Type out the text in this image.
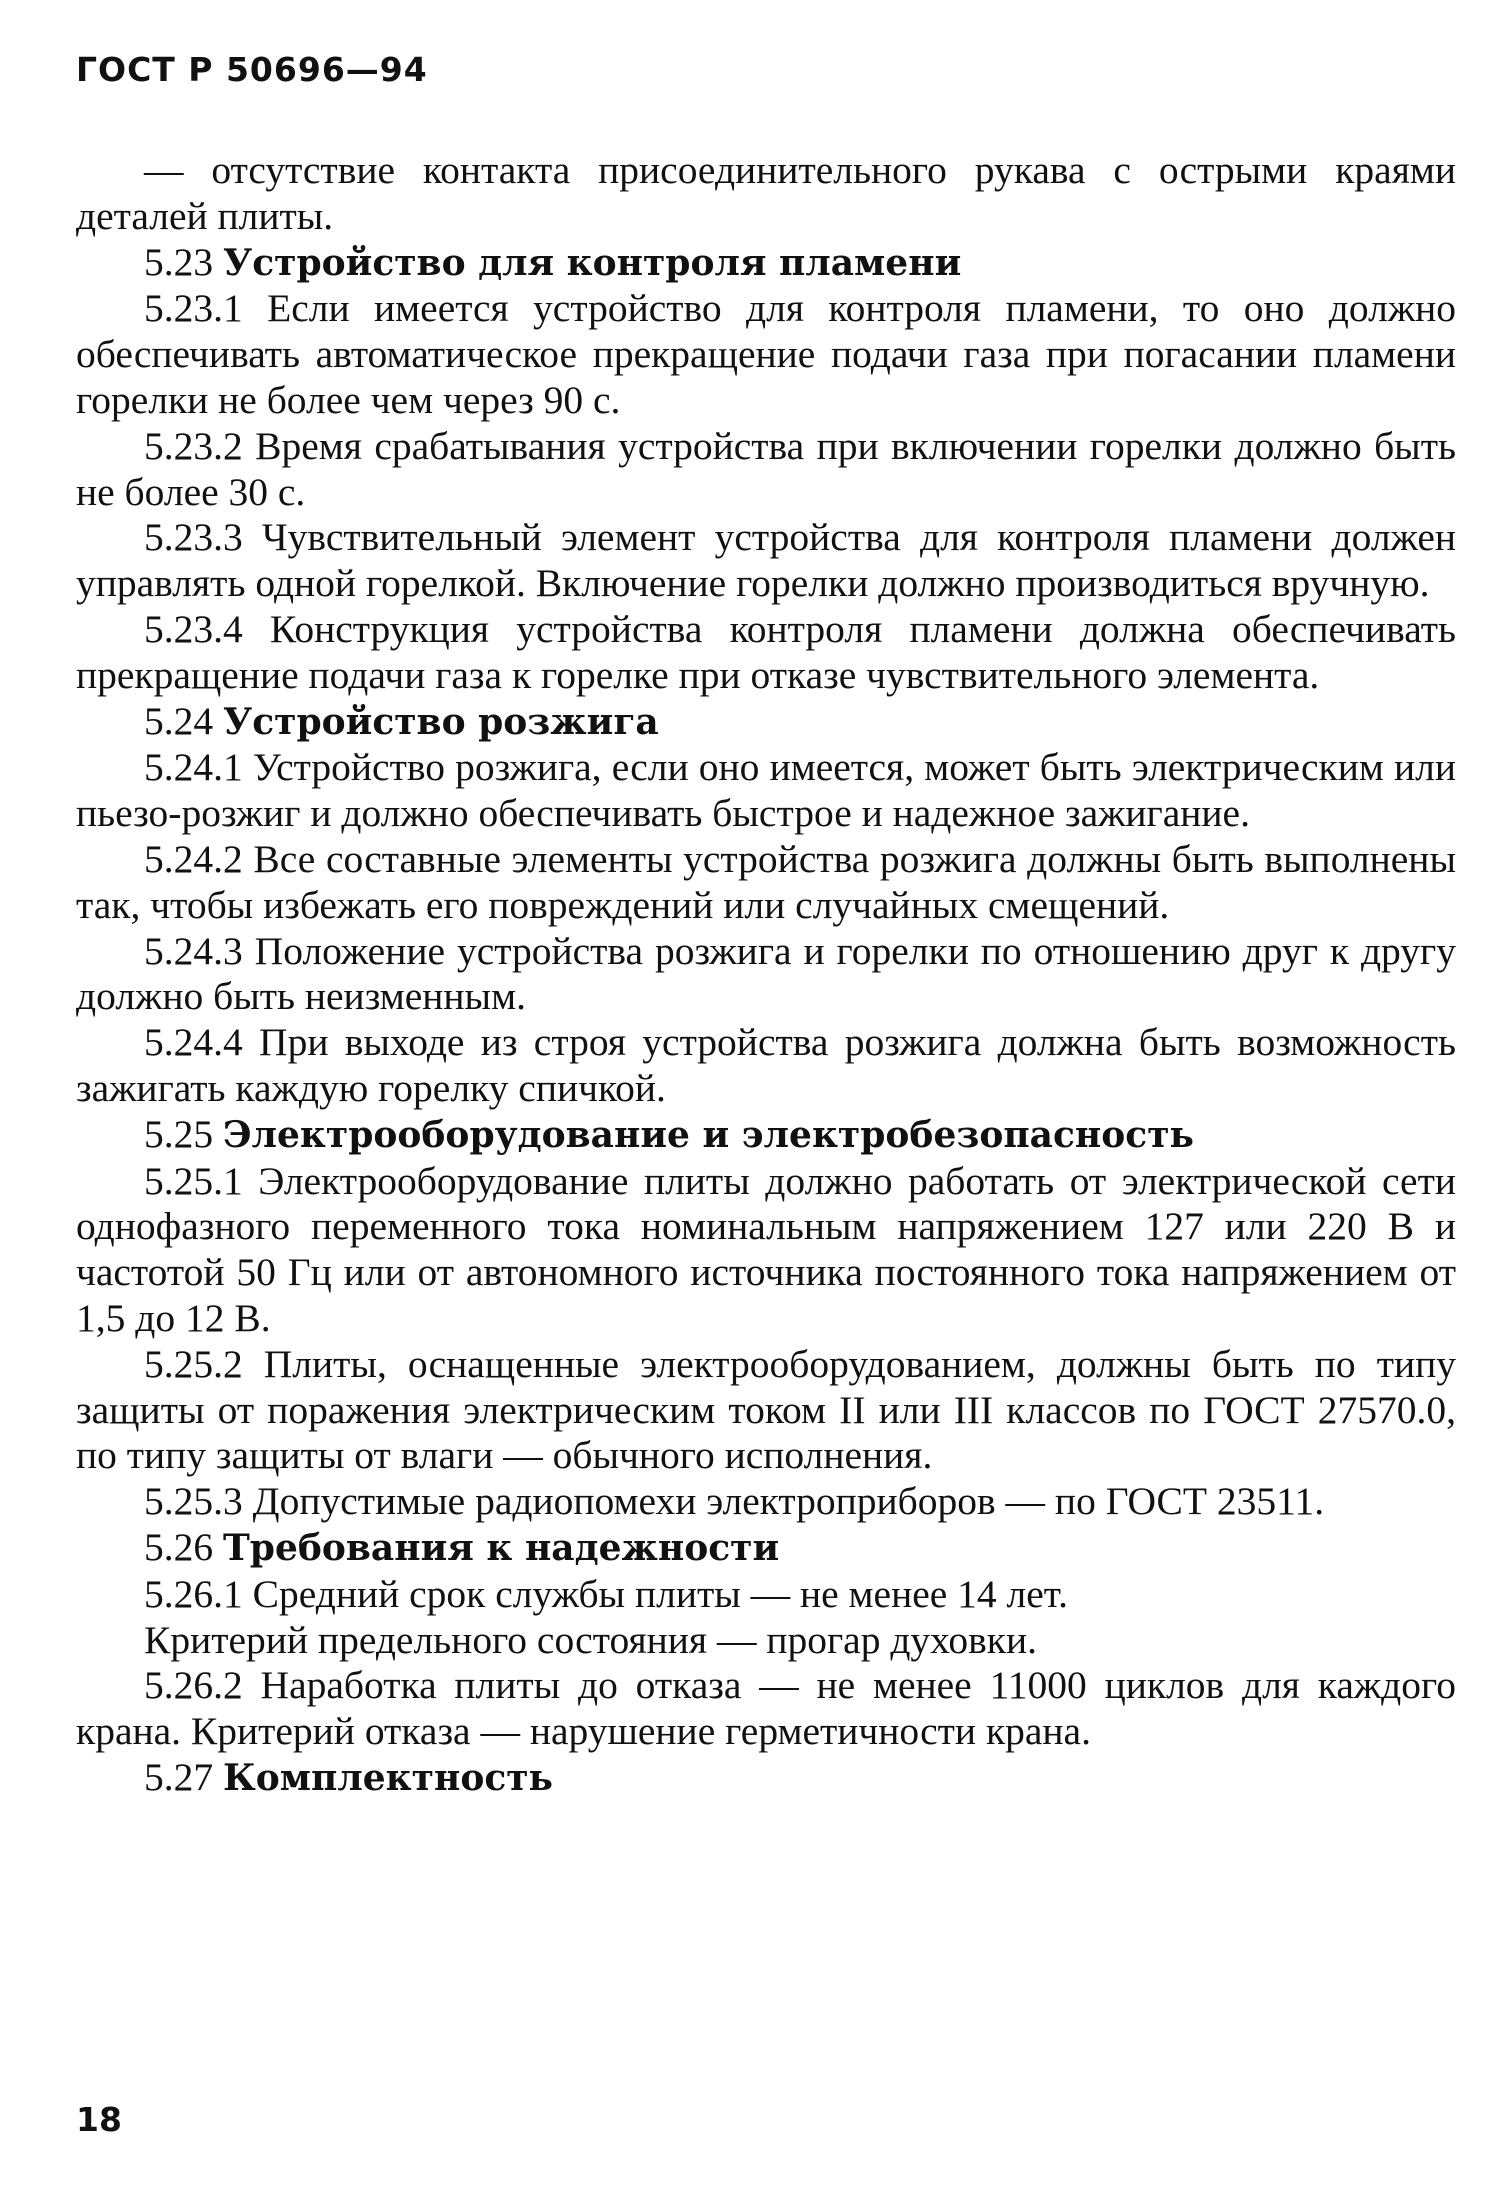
ГОСТ Р 50696—94

— отсутствие контакта присоединительного рукава с острыми краями деталей плиты.

5.23 Устройство для контроля пламени

5.23.1 Если имеется устройство для контроля пламени, то оно должно обеспечивать автоматическое прекращение подачи газа при погасании пламени горелки не более чем через 90 с.

5.23.2 Время срабатывания устройства при включении горелки должно быть не более 30 с.

5.23.3 Чувствительный элемент устройства для контроля пламени должен управлять одной горелкой. Включение горелки должно производиться вручную.

5.23.4 Конструкция устройства контроля пламени должна обеспечивать прекращение подачи газа к горелке при отказе чувствительного элемента.

5.24 Устройство розжига

5.24.1 Устройство розжига, если оно имеется, может быть электрическим или пьезо-розжиг и должно обеспечивать быстрое и надежное зажигание.

5.24.2 Все составные элементы устройства розжига должны быть выполнены так, чтобы избежать его повреждений или случайных смещений.

5.24.3 Положение устройства розжига и горелки по отношению друг к другу должно быть неизменным.

5.24.4 При выходе из строя устройства розжига должна быть возможность зажигать каждую горелку спичкой.

5.25 Электрооборудование и электробезопасность

5.25.1 Электрооборудование плиты должно работать от электрической сети однофазного переменного тока номинальным напряжением 127 или 220 В и частотой 50 Гц или от автономного источника постоянного тока напряжением от 1,5 до 12 В.

5.25.2 Плиты, оснащенные электрооборудованием, должны быть по типу защиты от поражения электрическим током II или III классов по ГОСТ 27570.0, по типу защиты от влаги — обычного исполнения.

5.25.3 Допустимые радиопомехи электроприборов — по ГОСТ 23511.

5.26 Требования к надежности

5.26.1 Средний срок службы плиты — не менее 14 лет.

Критерий предельного состояния — прогар духовки.

5.26.2 Наработка плиты до отказа — не менее 11000 циклов для каждого крана. Критерий отказа — нарушение герметичности крана.

5.27 Комплектность

18
